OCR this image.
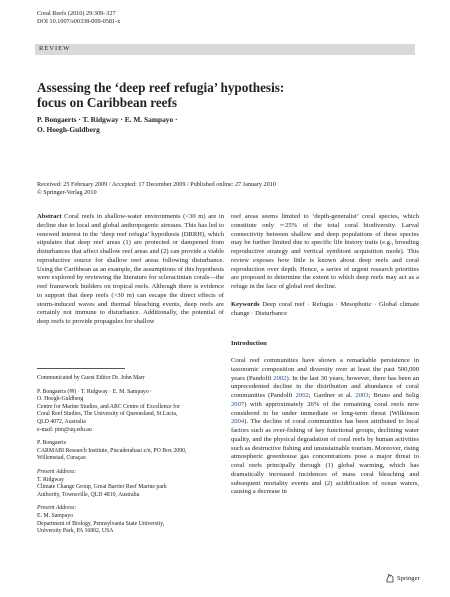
Coral Reefs (2010) 29:309–327
DOI 10.1007/s00338-009-0581-x
REVIEW
Assessing the ‘deep reef refugia’ hypothesis:
focus on Caribbean reefs
P. Bongaerts · T. Ridgway · E. M. Sampayo ·
O. Hoegh-Guldberg
Received: 25 February 2009 / Accepted: 17 December 2009 / Published online: 27 January 2010
© Springer-Verlag 2010

Abstract Coral reefs in shallow-water environments (<30 m) are in decline due to local and global anthropogenic stresses. This has led to renewed interest in the ‘deep reef refugia’ hypothesis (DRRH), which stipulates that deep reef areas (1) are protected or dampened from disturbances that affect shallow reef areas and (2) can provide a viable reproductive source for shallow reef areas following disturbance. Using the Caribbean as an example, the assumptions of this hypothesis were explored by reviewing the literature for scleractinian corals—the reef framework builders on tropical reefs. Although there is evidence to support that deep reefs (>30 m) can escape the direct effects of storm-induced waves and thermal bleaching events, deep reefs are certainly not immune to disturbance. Additionally, the potential of deep reefs to provide propagules for shallow

Communicated by Guest Editor Dr. John Marr
P. Bongaerts (✉) · T. Ridgway · E. M. Sampayo ·
O. Hoegh-Guldberg
Centre for Marine Studies, and ARC Centre of Excellence for
Coral Reef Studies, The University of Queensland, St Lucia,
QLD 4072, Australia
e-mail: pim@uq.edu.au
P. Bongaerts
CARMABI Research Institute, Piscaderabaai z/n, PO Box 2090,
Willemstad, Curaçao
Present Address:
T. Ridgway
Climate Change Group, Great Barrier Reef Marine park
Authority, Townsville, QLD 4810, Australia
Present Address:
E. M. Sampayo
Department of Biology, Pennsylvania State University,
University Park, PA 16802, USA

reef areas seems limited to ‘depth-generalist’ coral species, which constitute only ∼25% of the total coral biodiversity. Larval connectivity between shallow and deep populations of these species may be further limited due to specific life history traits (e.g., brooding reproductive strategy and vertical symbiont acquisition mode). This review exposes how little is known about deep reefs and coral reproduction over depth. Hence, a series of urgent research priorities are proposed to determine the extent to which deep reefs may act as a refuge in the face of global reef decline.

Keywords Deep coral reef · Refugia · Mesophotic · Global climate change · Disturbance

Introduction

Coral reef communities have shown a remarkable persistence in taxonomic composition and diversity over at least the past 500,000 years (Pandolfi 2002). In the last 30 years, however, there has been an unprecedented decline in the distribution and abundance of coral communities (Pandolfi 2002; Gardner et al. 2003; Bruno and Selig 2007) with approximately 26% of the remaining coral reefs now considered to be under immediate or long-term threat (Wilkinson 2004). The decline of coral communities has been attributed to local factors such as over-fishing of key functional groups, declining water quality, and the physical degradation of coral reefs by human activities such as destructive fishing and unsustainable tourism. Moreover, rising atmospheric greenhouse gas concentrations pose a major threat to coral reefs principally through (1) global warming, which has dramatically increased incidences of mass coral bleaching and subsequent mortality events and (2) acidification of ocean waters, causing a decrease in

Springer
